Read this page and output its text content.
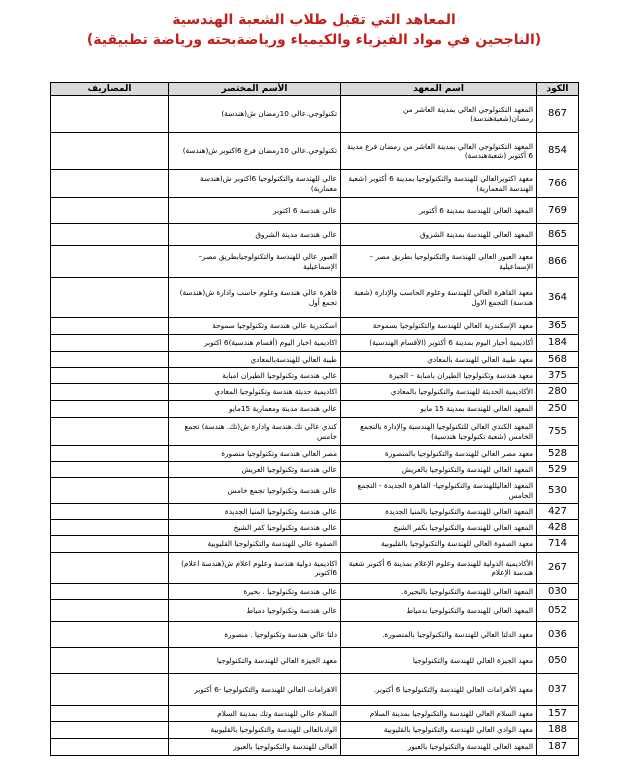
المعاهد التي تقبل طلاب الشعبة الهندسية
(الناجحين في مواد الفيزياء والكيمياء ورياضةبحته ورياضة تطبيقية)
الكود	اسم المعهد	الأسم المختصر	المصاريف
867	المعهد التكنولوجي العالي بمدينة العاشر من رمضان(شعبةهندسة)	تكنولوجي.عالي 10رمضان ش(هندسة)	
854	المعهد التكنولوجي العالي بمدينة العاشر من رمضان فرع مدينة 6 أكتوبر (شعبةهندسة)	تكنولوجي.عالي 10رمضان فرع 6اكتوبر ش(هندسة)	
766	معهد اكتوبرالعالي للهندسة والتكنولوجيا بمدينة 6 أكتوبر (شعبة الهندسة المعمارية)	عالي للهندسة والتكنولوجيا 6اكتوبر ش(هندسة معمارية)	
769	المعهد العالي للهندسة بمدينة 6 أكتوبر	عالي هندسة 6 اكتوبر	
865	المعهد العالي للهندسة بمدينة الشروق	عالي هندسة مدينة الشروق	
866	معهد العبور العالي للهندسة والتكنولوجيا بطريق مصر – الإسماعيلية	العبور عالي للهندسة والتكنولوجيابطريق مصر– الإسماعيلية	
364	معهد القاهرة العالي للهندسة وعلوم الحاسب والإدارة (شعبة هندسة) التجمع الاول	قاهرة عالي هندسة وعلوم حاسب وادارة ش(هندسة) تجمع أول	
365	معهد الإسكندرية العالي للهندسة والتكنولوجيا بسموحة	اسكندرية عالي هندسة وتكنولوجيا سموحة	
184	أكاديمية أخبار اليوم بمدينة 6 أكتوبر (الأقسام الهندسية)	اكاديمية اخبار اليوم (أقسام هندسية)6 اكتوبر	
568	معهد طيبة العالي للهندسة بالمعادي	طيبة العالي للهندسةبالمعادي	
375	معهد هندسة وتكنولوجيا الطيران بامبابة – الجيزة	عالي هندسة وتكنولوجيا الطيران امبابة	
280	الأكاديمية الحديثة للهندسة والتكنولوجيا بالمعادي	اكاديمية حديثة هندسة وتكنولوجيا المعادي	
250	المعهد العالي للهندسة بمدينة 15 مايو	عالي هندسة مدينة ومعمارية 15مايو	
755	المعهد الكندي العالي للتكنولوجيا الهندسية والإدارة بالتجمع الخامس (شعبة تكنولوجيا هندسية)	كندي عالي تك.هندسة وادارة ش(تك. هندسة) تجمع خامس	
528	معهد مصر العالي للهندسة والتكنولوجيا بالمنصورة	مصر العالي هندسة وتكنولوجيا منصورة	
529	المعهد العالي للهندسة والتكنولوجيا بالعريش	عالي هندسة وتكنولوجيا العريش	
530	المعهد العاليللهندسة والتكنولوجيا- القاهرة الجديدة - التجمع الخامس	عالي هندسة وتكنولوجيا تجمع خامس	
427	المعهد العالي للهندسة والتكنولوجيا بالمنيا الجديدة	عالي هندسة وتكنولوجيا المنيا الجديدة	
428	المعهد العالي للهندسة والتكنولوجيا بكفر الشيخ	عالي هندسة وتكنولوجيا كفر الشيخ	
714	معهد الصفوة العالي للهندسة والتكنولوجيا بالقليوبية	الصفوة عالي للهندسة والتكنولوجيا القليوبية	
267	الأكاديمية الدولية للهندسة وعلوم الإعلام بمدينة 6 أكتوبر شعبة هندسة الإعلام	اكاديمية دولية هندسة وعلوم اعلام ش(هندسة اعلام) 6اكتوبر	
030	المعهد العالي للهندسة والتكنولوجيا بالبحيرة.	عالي هندسة وتكنولوجيا . بحيرة	
052	المعهد العالي للهندسة والتكنولوجيا بدمياط	عالي هندسة وتكنولوجيا دمياط	
036	معهد الدلتا العالي للهندسة والتكنولوجيا بالمنصورة.	دلتا عالي هندسة وتكنولوجيا . منصورة	
050	معهد الجيزة العالي للهندسة والتكنولوجيا	معهد الجيزة العالي للهندسة والتكنولوجيا	
037	معهد الأهرامات العالي للهندسة والتكنولوجيا 6 أكتوبر.	الاهرامات العالي للهندسة والتكنولوجيا -6 أكتوبر	
157	معهد السلام العالي للهندسة والتكنولوجيا بمدينة السلام	السلام عالي للهندسة وتك بمدينة السلام	
188	معهد الوادي العالي للهندسة والتكنولوجيا بالقليوبية	الوادىالعالى للهندسة والتكنولوجيا بالقليوبية	
187	المعهد العالي للهندسة والتكنولوجيا بالعبور	العالى للهندسة والتكنولوجيا بالعبور	
